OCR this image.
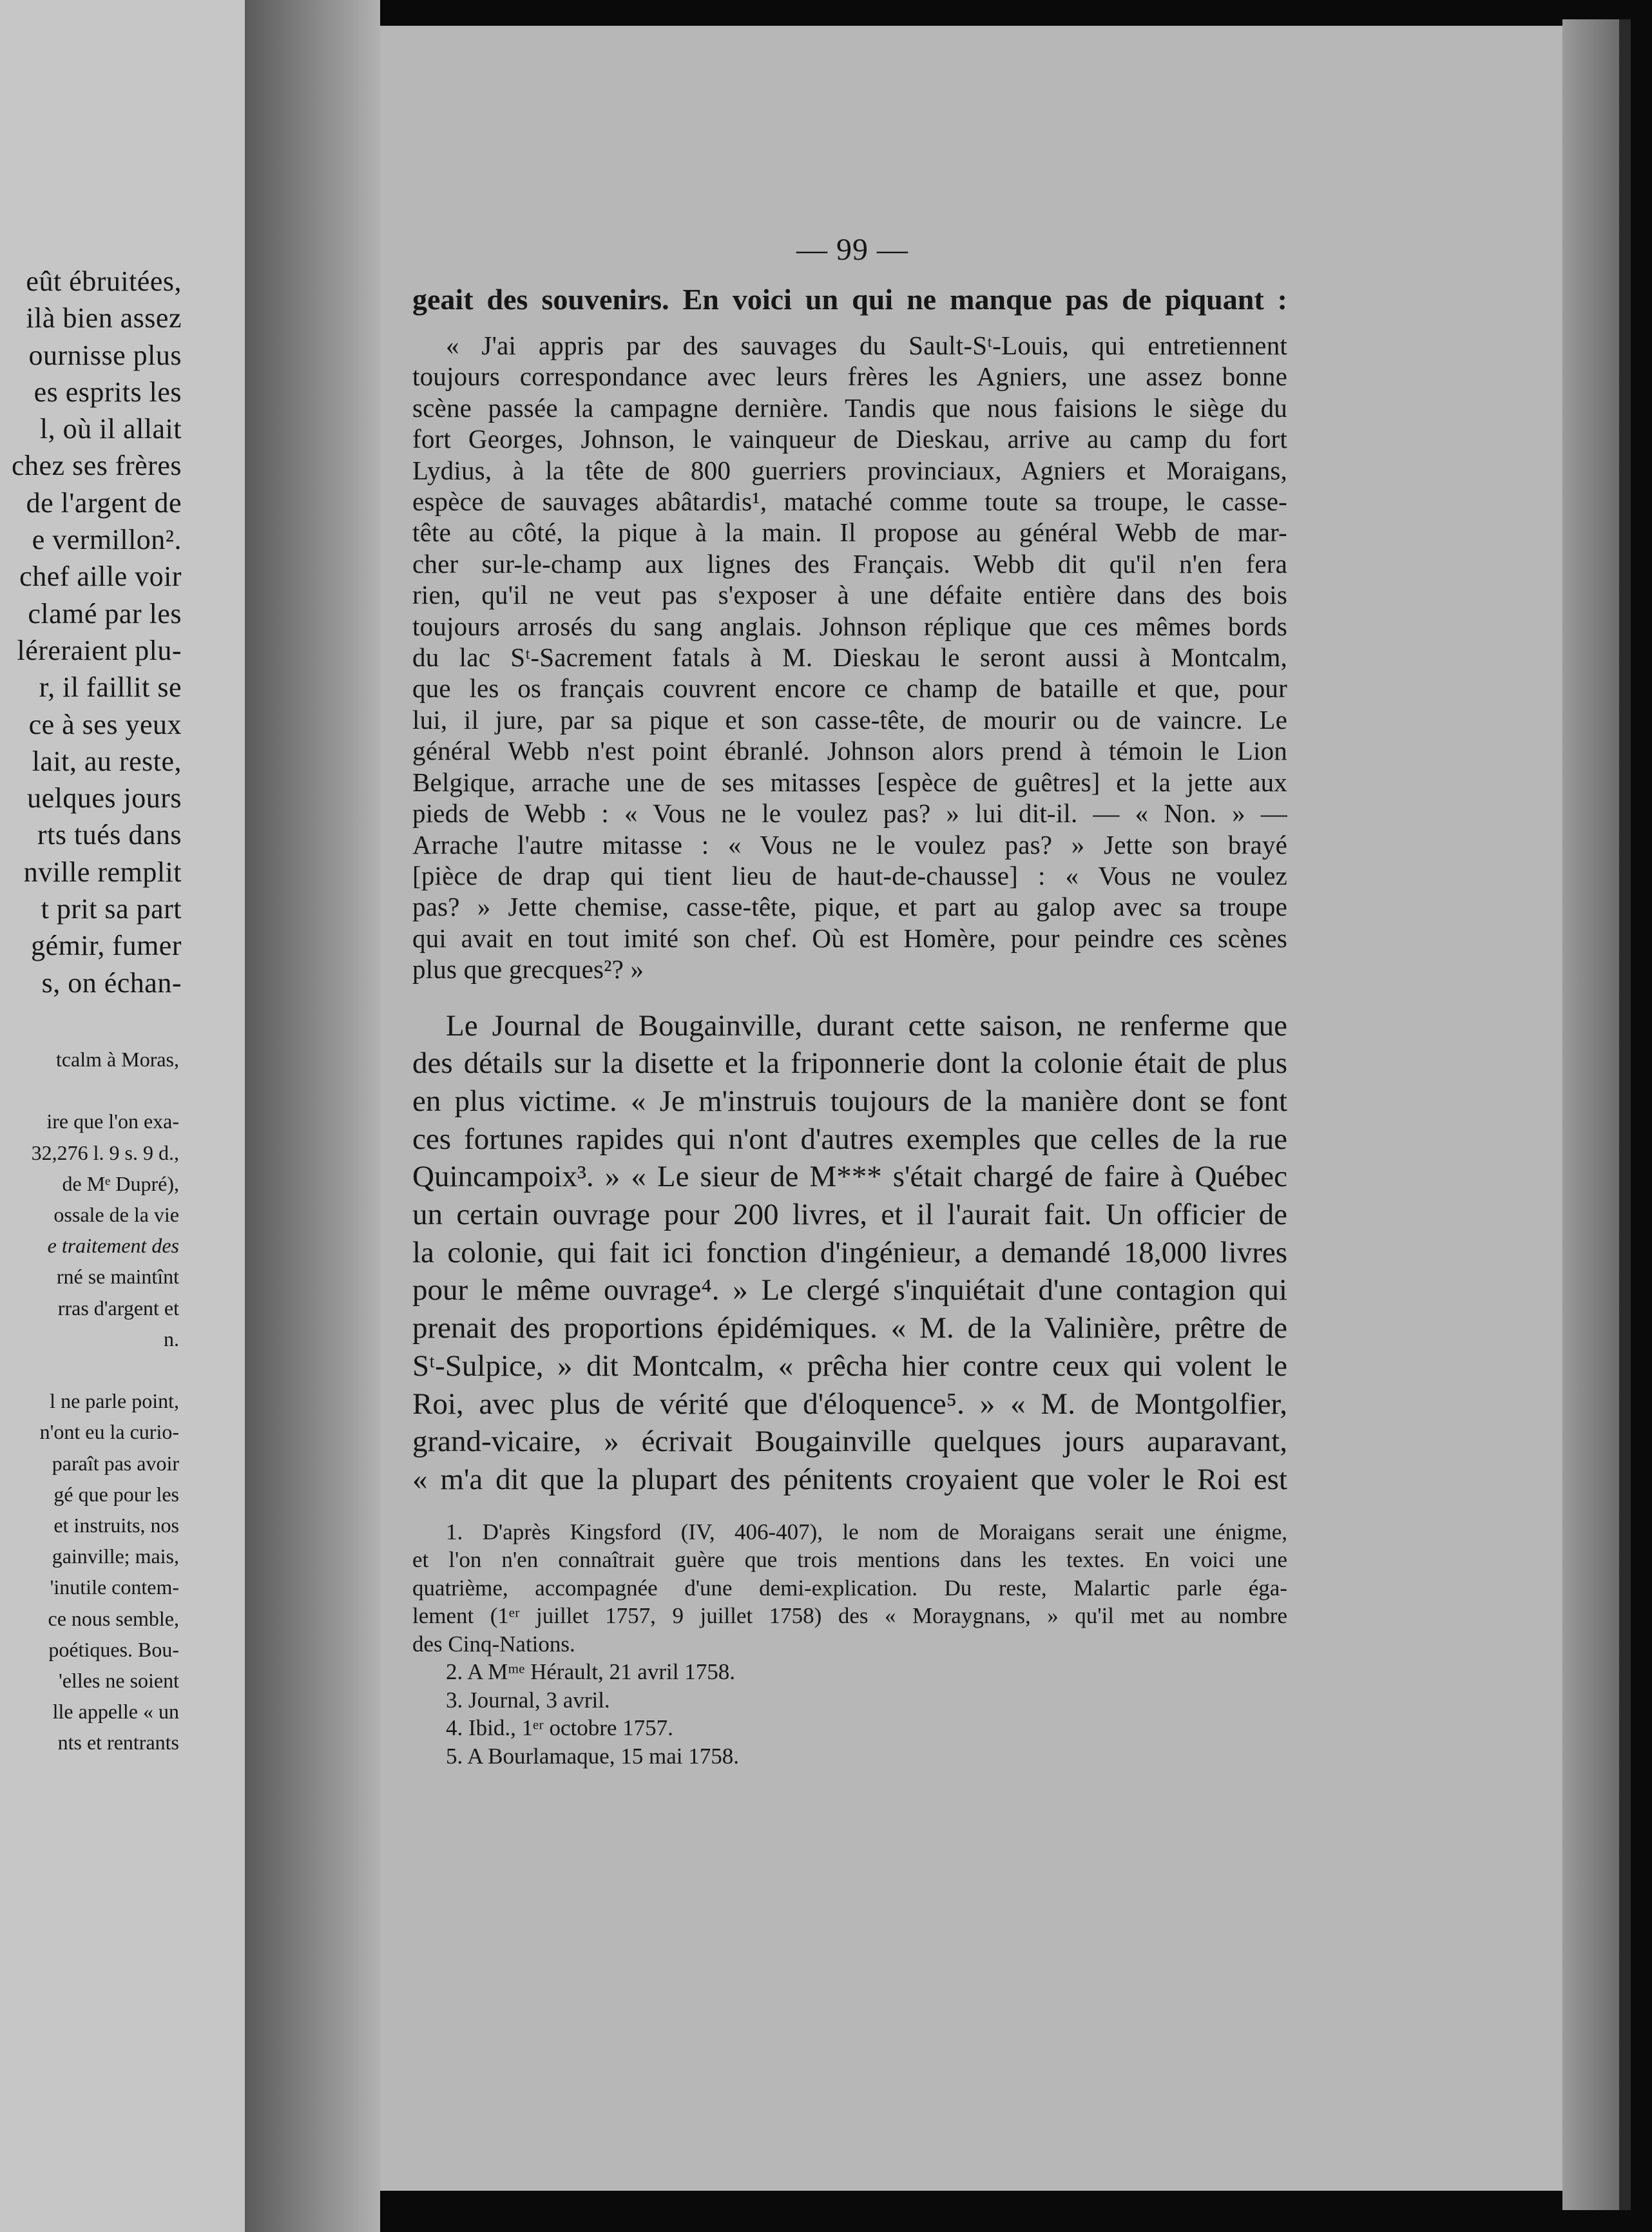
eût ébruitées,
ilà bien assez
ournisse plus
es esprits les
l, où il allait
chez ses frères
de l'argent de
e vermillon².
chef aille voir
clamé par les
léreraient plu-
r, il faillit se
ce à ses yeux
lait, au reste,
uelques jours
rts tués dans
nville remplit
t prit sa part
gémir, fumer
s, on échan-
tcalm à Moras,

ire que l'on exa-
32,276 l. 9 s. 9 d.,
de Mᵉ Dupré),
ossale de la vie
e traitement des
rné se maintînt
rras d'argent et
n.

l ne parle point,
n'ont eu la curio-
paraît pas avoir
gé que pour les
et instruits, nos
gainville; mais,
'inutile contem-
ce nous semble,
poétiques. Bou-
'elles ne soient
lle appelle « un
nts et rentrants
— 99 —
geait des souvenirs. En voici un qui ne manque pas de piquant :
« J'ai appris par des sauvages du Sault-Sᵗ-Louis, qui entretiennent
toujours correspondance avec leurs frères les Agniers, une assez bonne
scène passée la campagne dernière. Tandis que nous faisions le siège du
fort Georges, Johnson, le vainqueur de Dieskau, arrive au camp du fort
Lydius, à la tête de 800 guerriers provinciaux, Agniers et Moraigans,
espèce de sauvages abâtardis¹, mataché comme toute sa troupe, le casse-
tête au côté, la pique à la main. Il propose au général Webb de mar-
cher sur-le-champ aux lignes des Français. Webb dit qu'il n'en fera
rien, qu'il ne veut pas s'exposer à une défaite entière dans des bois
toujours arrosés du sang anglais. Johnson réplique que ces mêmes bords
du lac Sᵗ-Sacrement fatals à M. Dieskau le seront aussi à Montcalm,
que les os français couvrent encore ce champ de bataille et que, pour
lui, il jure, par sa pique et son casse-tête, de mourir ou de vaincre. Le
général Webb n'est point ébranlé. Johnson alors prend à témoin le Lion
Belgique, arrache une de ses mitasses [espèce de guêtres] et la jette aux
pieds de Webb : « Vous ne le voulez pas? » lui dit-il. — « Non. » —
Arrache l'autre mitasse : « Vous ne le voulez pas? » Jette son brayé
[pièce de drap qui tient lieu de haut-de-chausse] : « Vous ne voulez
pas? » Jette chemise, casse-tête, pique, et part au galop avec sa troupe
qui avait en tout imité son chef. Où est Homère, pour peindre ces scènes
plus que grecques²? »
Le Journal de Bougainville, durant cette saison, ne renferme que
des détails sur la disette et la friponnerie dont la colonie était de plus
en plus victime. « Je m'instruis toujours de la manière dont se font
ces fortunes rapides qui n'ont d'autres exemples que celles de la rue
Quincampoix³. » « Le sieur de M*** s'était chargé de faire à Québec
un certain ouvrage pour 200 livres, et il l'aurait fait. Un officier de
la colonie, qui fait ici fonction d'ingénieur, a demandé 18,000 livres
pour le même ouvrage⁴. » Le clergé s'inquiétait d'une contagion qui
prenait des proportions épidémiques. « M. de la Valinière, prêtre de
Sᵗ-Sulpice, » dit Montcalm, « prêcha hier contre ceux qui volent le
Roi, avec plus de vérité que d'éloquence⁵. » « M. de Montgolfier,
grand-vicaire, » écrivait Bougainville quelques jours auparavant,
« m'a dit que la plupart des pénitents croyaient que voler le Roi est
1. D'après Kingsford (IV, 406-407), le nom de Moraigans serait une énigme,
et l'on n'en connaîtrait guère que trois mentions dans les textes. En voici une
quatrième, accompagnée d'une demi-explication. Du reste, Malartic parle éga-
lement (1ᵉʳ juillet 1757, 9 juillet 1758) des « Moraygnans, » qu'il met au nombre
des Cinq-Nations.
2. A Mᵐᵉ Hérault, 21 avril 1758.
3. Journal, 3 avril.
4. Ibid., 1ᵉʳ octobre 1757.
5. A Bourlamaque, 15 mai 1758.
